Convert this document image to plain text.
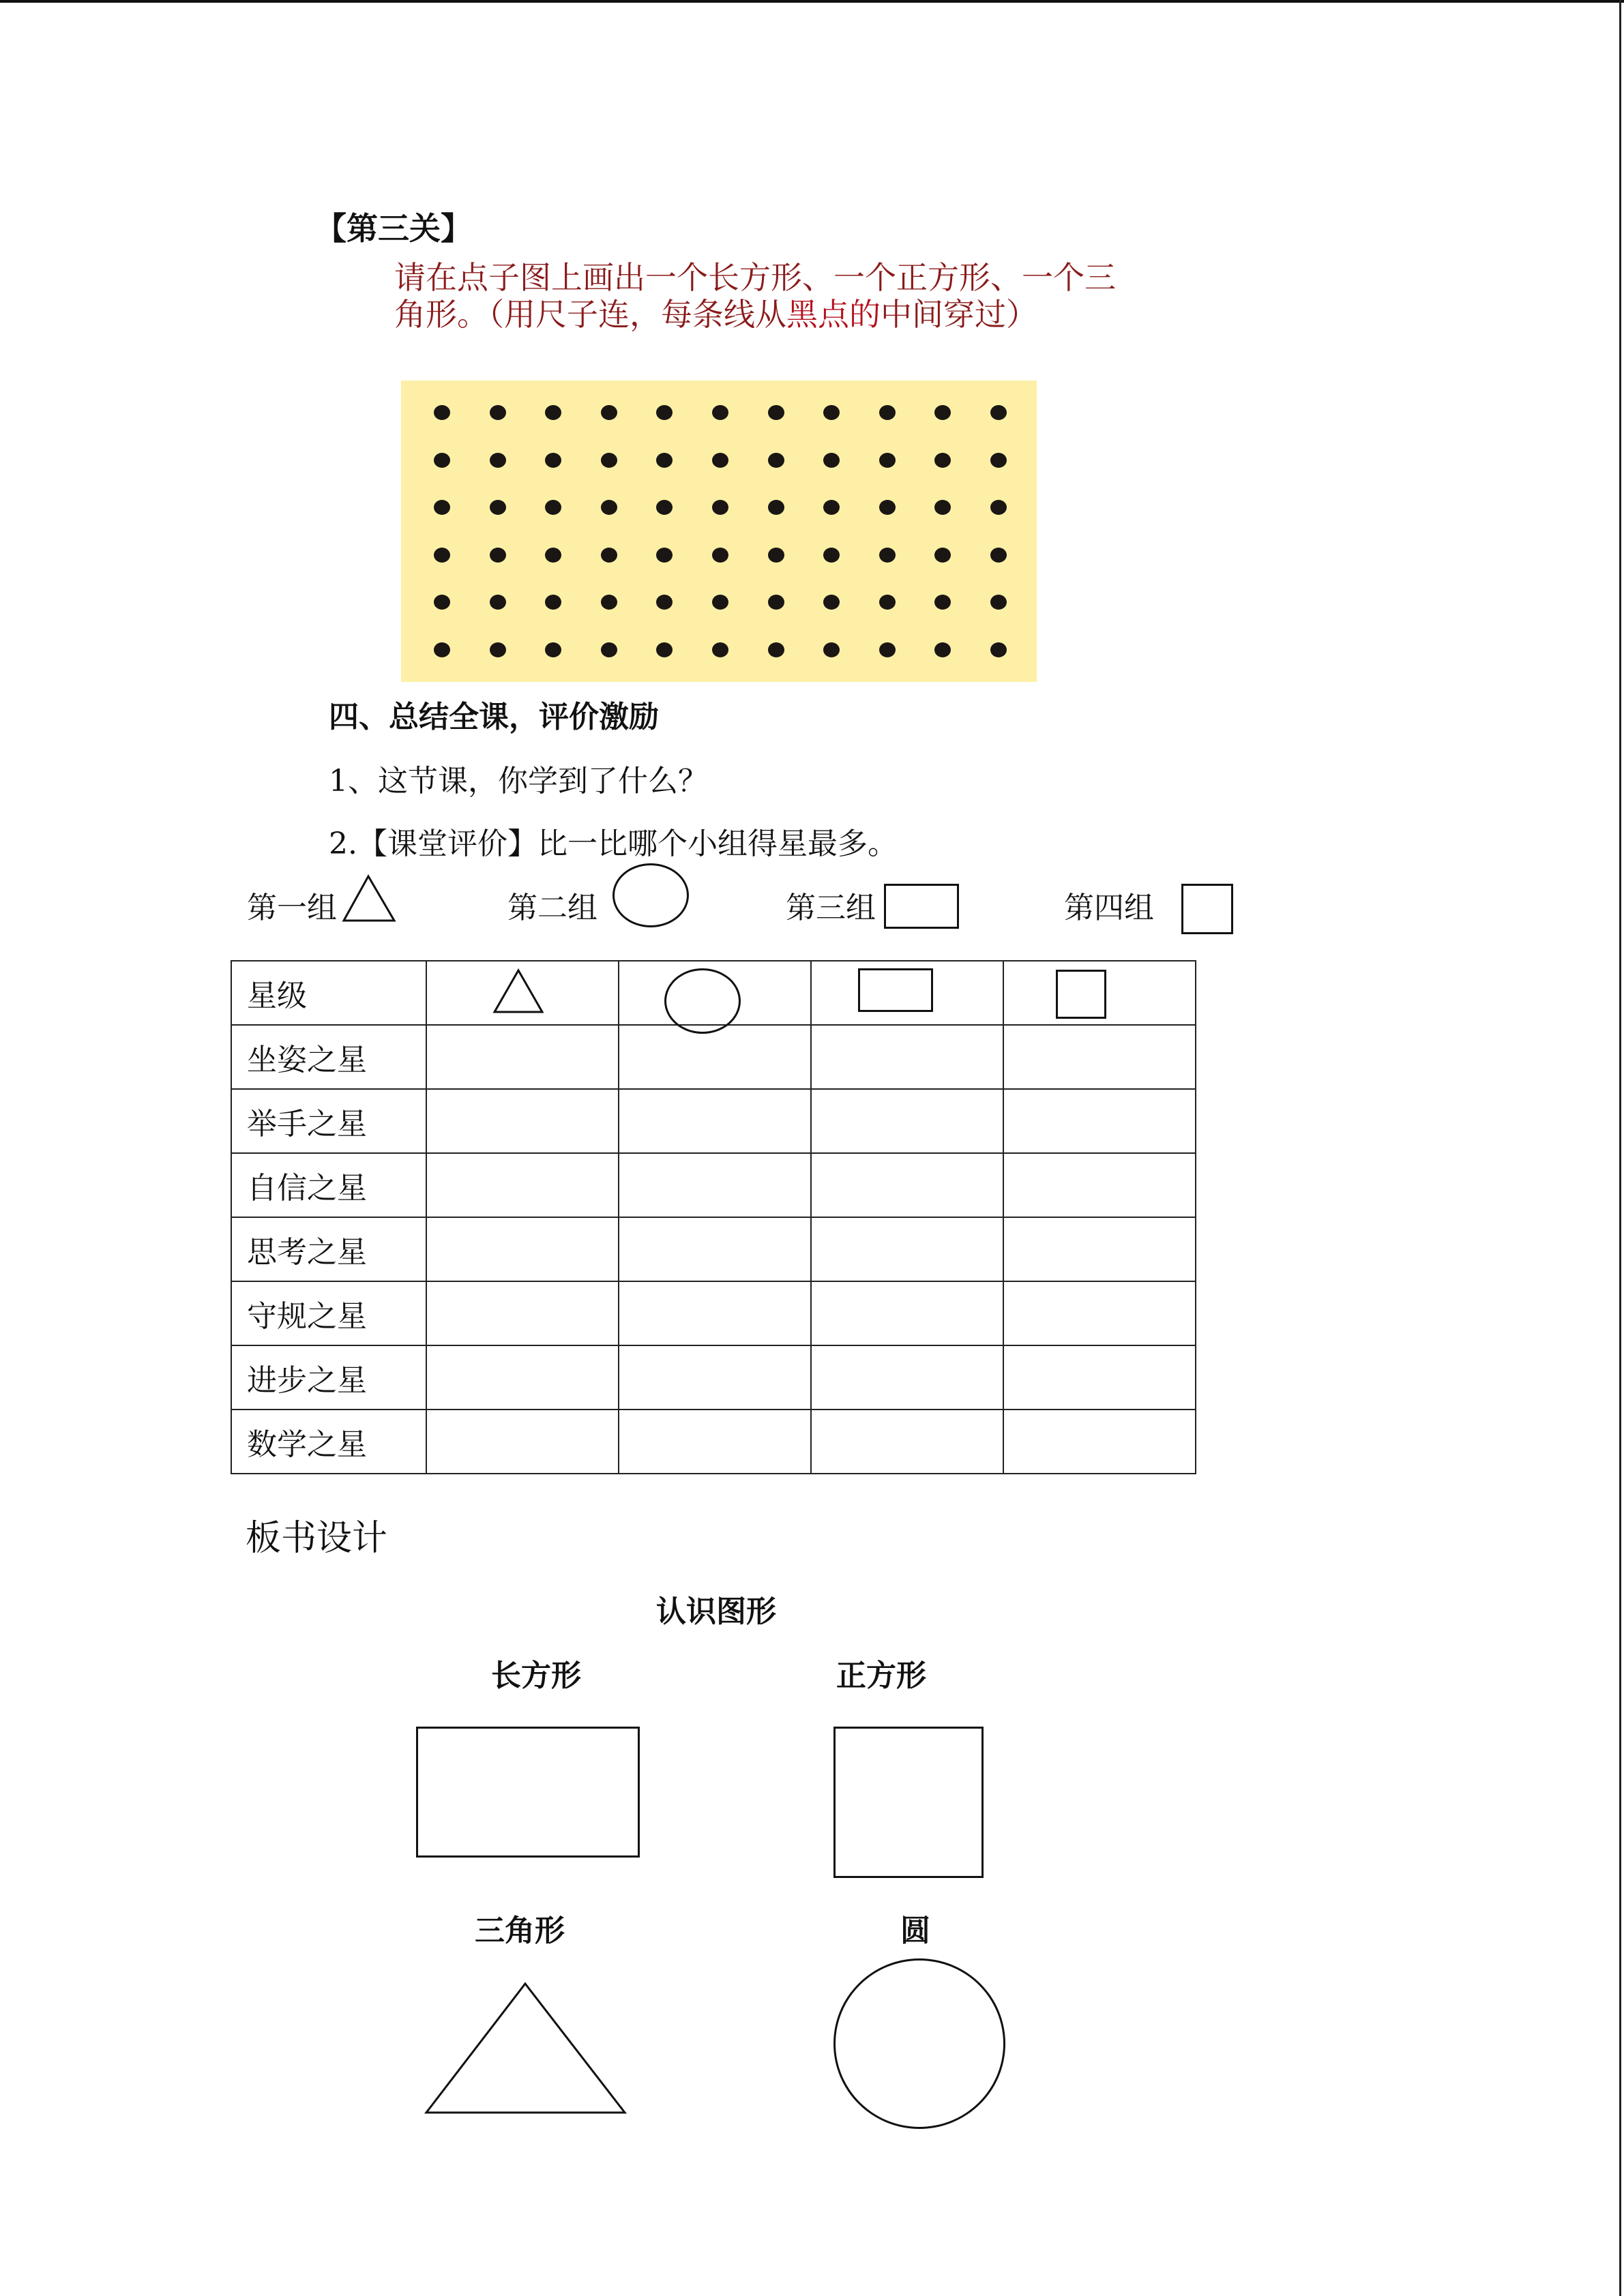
【第三关】
请在点子图上画出一个长方形、一个正方形、一个三
角形。（用尺子连，每条线从黑点的中间穿过）
四、总结全课，评价激励
1、这节课，你学到了什么？
2.【课堂评价】比一比哪个小组得星最多。
第一组	第二组	第三组	第四组
星级	

坐姿之星				
举手之星				
自信之星				
思考之星				
守规之星				
进步之星				
数学之星				
板书设计
认识图形
长方形	正方形
三角形	圆
